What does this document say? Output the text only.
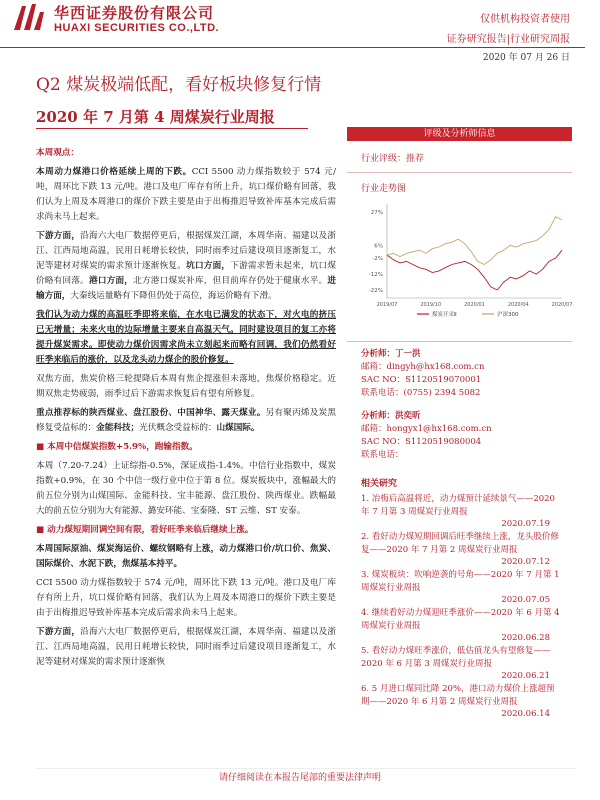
华西证券股份有限公司
HUAXI SECURITIES CO.,LTD.
仅供机构投资者使用
证券研究报告|行业研究周报
2020 年 07 月 26 日
Q2 煤炭极端低配，看好板块修复行情
2020 年 7 月第 4 周煤炭行业周报

本周观点：

本周动力煤港口价格延续上周的下跌。CCI 5500 动力煤指数较于 574 元/吨，周环比下跌 13 元/吨。港口及电厂库存有所上升，坑口煤价略有回落，我们认为上周及本周港口的煤价下跌主要是由于出梅推迟导致补库基本完成后需求尚未马上起来。

下游方面，沿海六大电厂数据停更后，根据煤炭江湖，本周华南、福建以及浙江、江西局地高温，民用日耗增长较快，同时雨季过后建设项目逐渐复工，水泥等建材对煤炭的需求预计逐渐恢复。坑口方面，下游需求暂未起来，坑口煤价略有回落。港口方面，北方港口煤炭补库，但目前库存仍处于健康水平。进输方面，大秦线运量略有下降但仍处于高位，海运价略有下滑。

我们认为动力煤的高温旺季即将来临，在水电已满发的状态下，对火电的挤压已无增量；未来火电的边际增量主要来自高温天气。同时建设项目的复工亦将提升煤炭需求。即使动力煤价因需求尚未立刻起来而略有回调，我们仍然看好旺季来临后的涨价，以及龙头动力煤企的股价修复。

双焦方面，焦炭价格三轮提降后本周有焦企提涨但未落地，焦煤价格稳定。近期双焦走势疲弱，雨季过后下游需求恢复后有望有所修复。

重点推荐标的陕西煤业、盘江股份、中国神华、露天煤业。另有聚丙烯及炭黑修复受益标的：金能科技；光伏概念受益标的：山煤国际。

■ 本周中信煤炭指数+5.9%，跑输指数。

本周（7.20-7.24）上证综指-0.5%，深证成指-1.4%。中信行业指数中，煤炭指数+0.9%，在 30 个中信一级行业中位于第 8 位。煤炭板块中，涨幅最大的前五位分别为山煤国际、金能科技、宝丰能源、盘江股份、陕西煤业。跌幅最大的前五位分别为大有能源、潞安环能、宝泰隆、ST 云维、ST 安泰。

■ 动力煤短期回调空间有限，看好旺季来临后继续上涨。

本周国际原油、煤炭海运价、螺纹钢略有上涨，动力煤港口价/坑口价、焦炭、国际煤价、水泥下跌，焦煤基本持平。

CCI 5500 动力煤指数较于 574 元/吨，周环比下跌 13 元/吨。港口及电厂库存有所上升，坑口煤价略有回落，我们认为上周及本周港口的煤价下跌主要是由于出梅推迟导致补库基本完成后需求尚未马上起来。

下游方面，沿海六大电厂数据停更后，根据煤炭江湖，本周华南、福建以及浙江、江西局地高温，民用日耗增长较快，同时雨季过后建设项目逐渐复工，水泥等建材对煤炭的需求预计逐渐恢

评级及分析师信息
行业评级：推荐
行业走势图
27%
6%
-2%
-12%
-22%
2019/07	2019/10	2020/01	2020/04	2020/07
煤炭开采Ⅱ	沪深300
分析师：丁一洪
邮箱：dingyh@hx168.com.cn
SAC NO：S1120519070001
联系电话：(0755) 2394 5082
分析师：洪奕昕
邮箱：hongyx1@hx168.com.cn
SAC NO：S1120519080004
联系电话：
相关研究
1. 冶梅后高温将近，动力煤预计延续景气——2020 年 7 月第 3 周煤炭行业周报
2020.07.19
2. 看好动力煤短期回调后旺季继续上涨，龙头股价修复——2020 年 7 月第 2 周煤炭行业周报
2020.07.12
3. 煤炭板块：吹响逆袭的号角——2020 年 7 月第 1 周煤炭行业周报
2020.07.05
4. 继续看好动力煤迎旺季涨价——2020 年 6 月第 4 周煤炭行业周报
2020.06.28
5. 看好动力煤旺季涨价，低估值龙头有望修复——2020 年 6 月第 3 周煤炭行业周报
2020.06.21
6. 5 月进口煤同比降 20%，港口动力煤价上涨超预期——2020 年 6 月第 2 周煤炭行业周报
2020.06.14
请仔细阅读在本报告尾部的重要法律声明
